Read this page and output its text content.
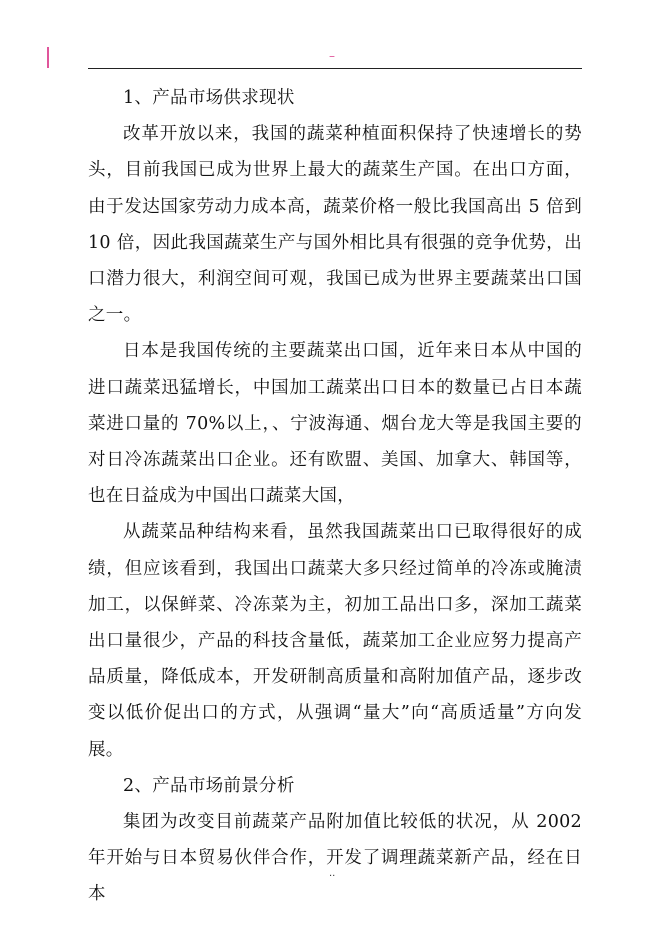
–

1、产品市场供求现状

改革开放以来，我国的蔬菜种植面积保持了快速增长的势头，目前我国已成为世界上最大的蔬菜生产国。在出口方面，由于发达国家劳动力成本高，蔬菜价格一般比我国高出 5 倍到 10 倍，因此我国蔬菜生产与国外相比具有很强的竞争优势，出口潜力很大，利润空间可观，我国已成为世界主要蔬菜出口国之一。

日本是我国传统的主要蔬菜出口国，近年来日本从中国的进口蔬菜迅猛增长，中国加工蔬菜出口日本的数量已占日本蔬菜进口量的 70%以上，、宁波海通、烟台龙大等是我国主要的对日冷冻蔬菜出口企业。还有欧盟、美国、加拿大、韩国等，也在日益成为中国出口蔬菜大国，

从蔬菜品种结构来看，虽然我国蔬菜出口已取得很好的成绩，但应该看到，我国出口蔬菜大多只经过简单的冷冻或腌渍加工，以保鲜菜、冷冻菜为主，初加工品出口多，深加工蔬菜出口量很少，产品的科技含量低，蔬菜加工企业应努力提高产品质量，降低成本，开发研制高质量和高附加值产品，逐步改变以低价促出口的方式，从强调“量大”向“高质适量”方向发展。

2、产品市场前景分析

集团为改变目前蔬菜产品附加值比较低的状况，从 2002 年开始与日本贸易伙伴合作，开发了调理蔬菜新产品，经在日本

..
